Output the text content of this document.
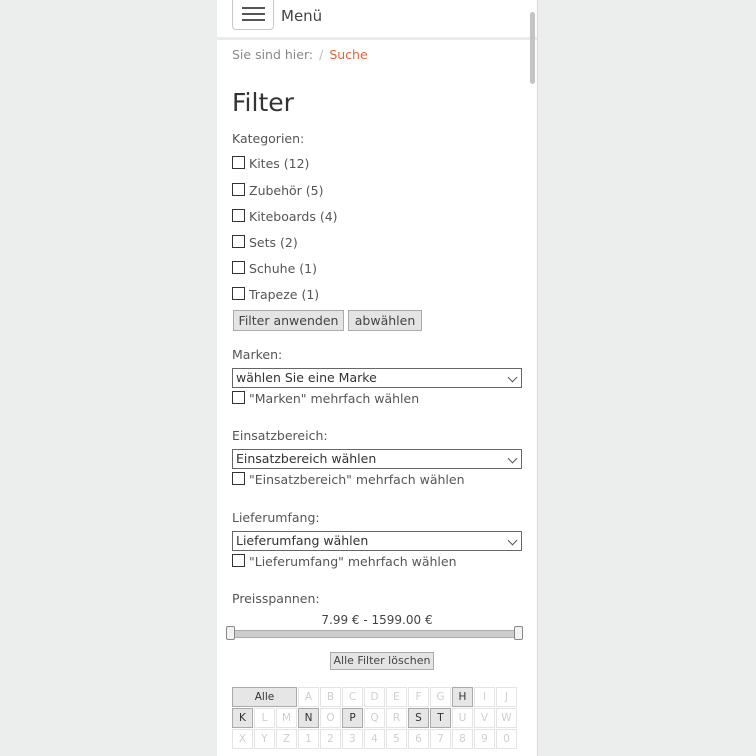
Menü
Sie sind hier: / Suche
Filter
Kategorien:
Kites (12)
Zubehör (5)
Kiteboards (4)
Sets (2)
Schuhe (1)
Trapeze (1)
Filter anwenden	abwählen
Marken:
wählen Sie eine Marke
"Marken" mehrfach wählen
Einsatzbereich:
Einsatzbereich wählen
"Einsatzbereich" mehrfach wählen
Lieferumfang:
Lieferumfang wählen
"Lieferumfang" mehrfach wählen
Preisspannen:
7.99 € - 1599.00 €
Alle Filter löschen
Alle	A	B	C	D	E	F	G	H	I	J
K	L	M	N	O	P	Q	R	S	T	U	V	W
X	Y	Z	1	2	3	4	5	6	7	8	9	0
